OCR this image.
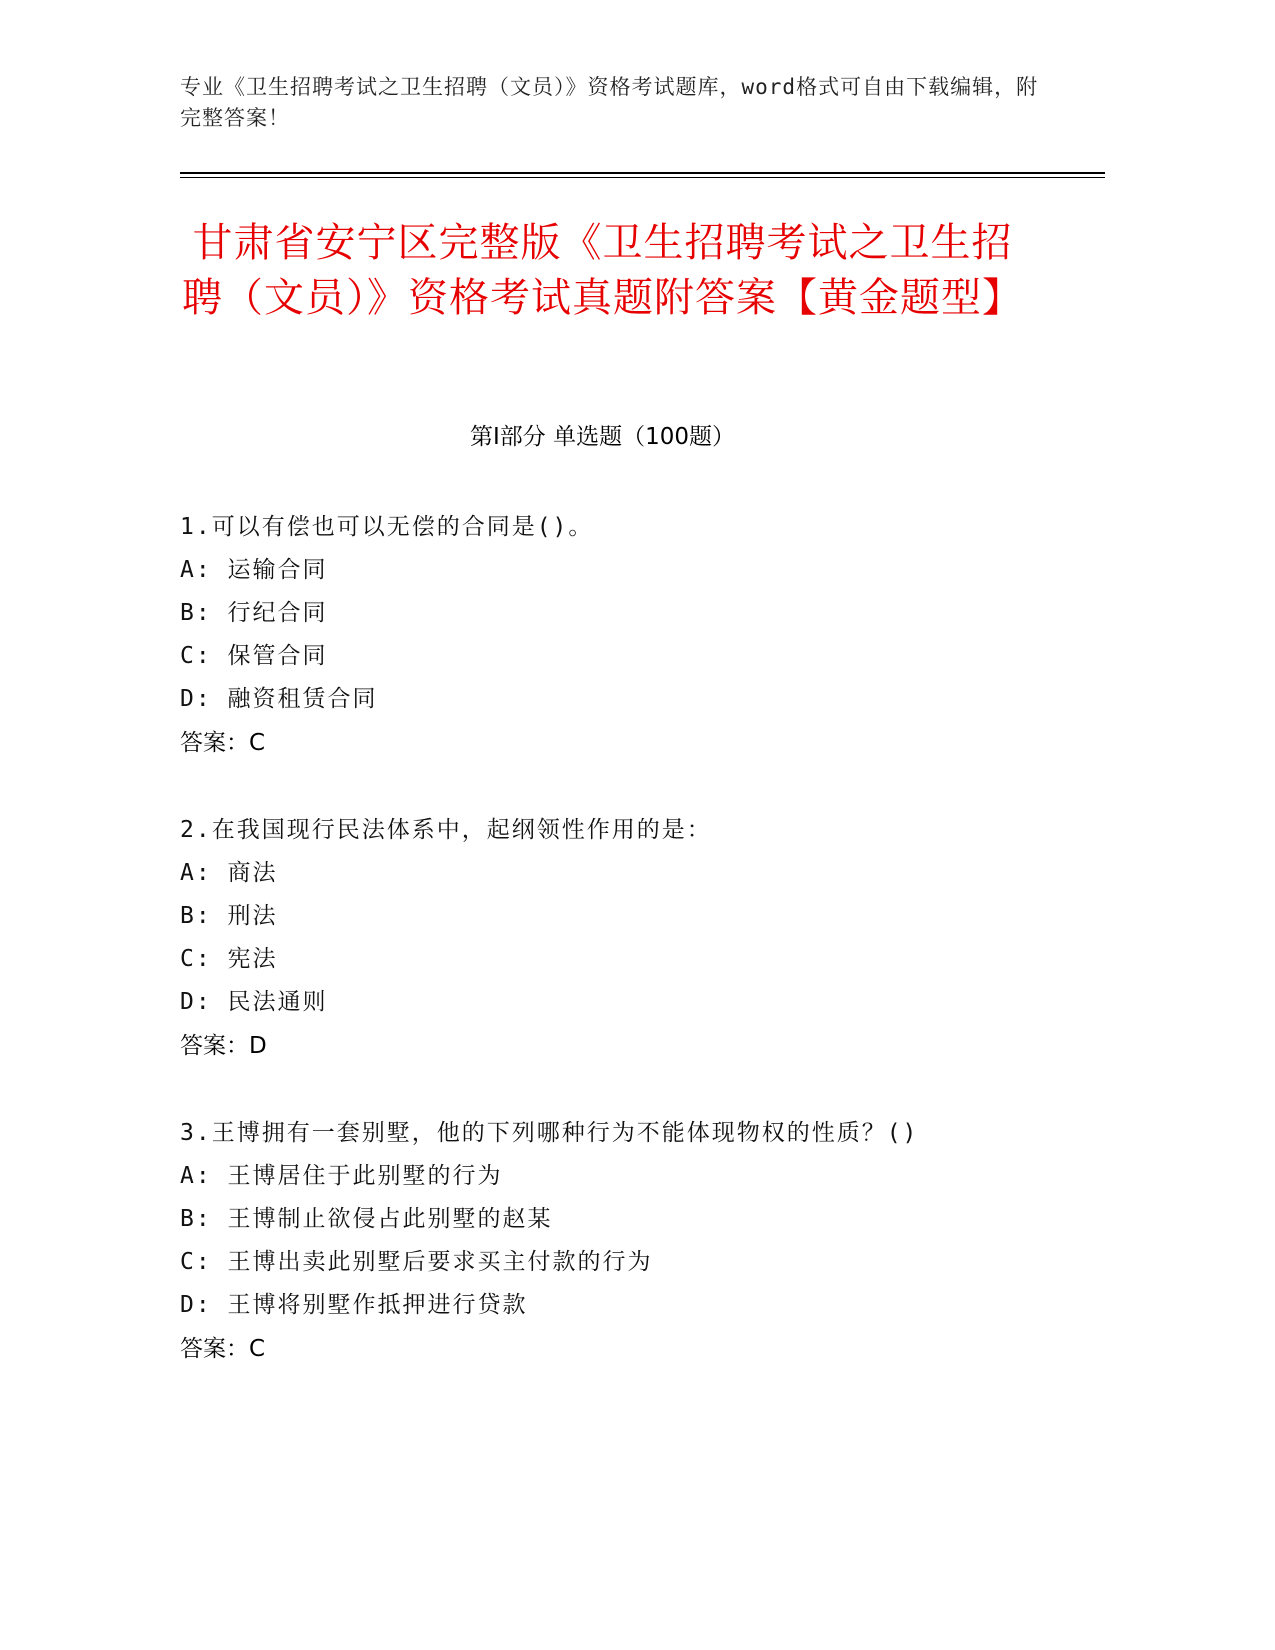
专业《卫生招聘考试之卫生招聘（文员）》资格考试题库，word格式可自由下载编辑，附完整答案！
甘肃省安宁区完整版《卫生招聘考试之卫生招聘（文员）》资格考试真题附答案【黄金题型】
第I部分 单选题（100题）
1.可以有偿也可以无偿的合同是()。
A: 运输合同
B: 行纪合同
C: 保管合同
D: 融资租赁合同
答案：C
2.在我国现行民法体系中，起纲领性作用的是：
A: 商法
B: 刑法
C: 宪法
D: 民法通则
答案：D
3.王博拥有一套别墅，他的下列哪种行为不能体现物权的性质？()
A: 王博居住于此别墅的行为
B: 王博制止欲侵占此别墅的赵某
C: 王博出卖此别墅后要求买主付款的行为
D: 王博将别墅作抵押进行贷款
答案：C
